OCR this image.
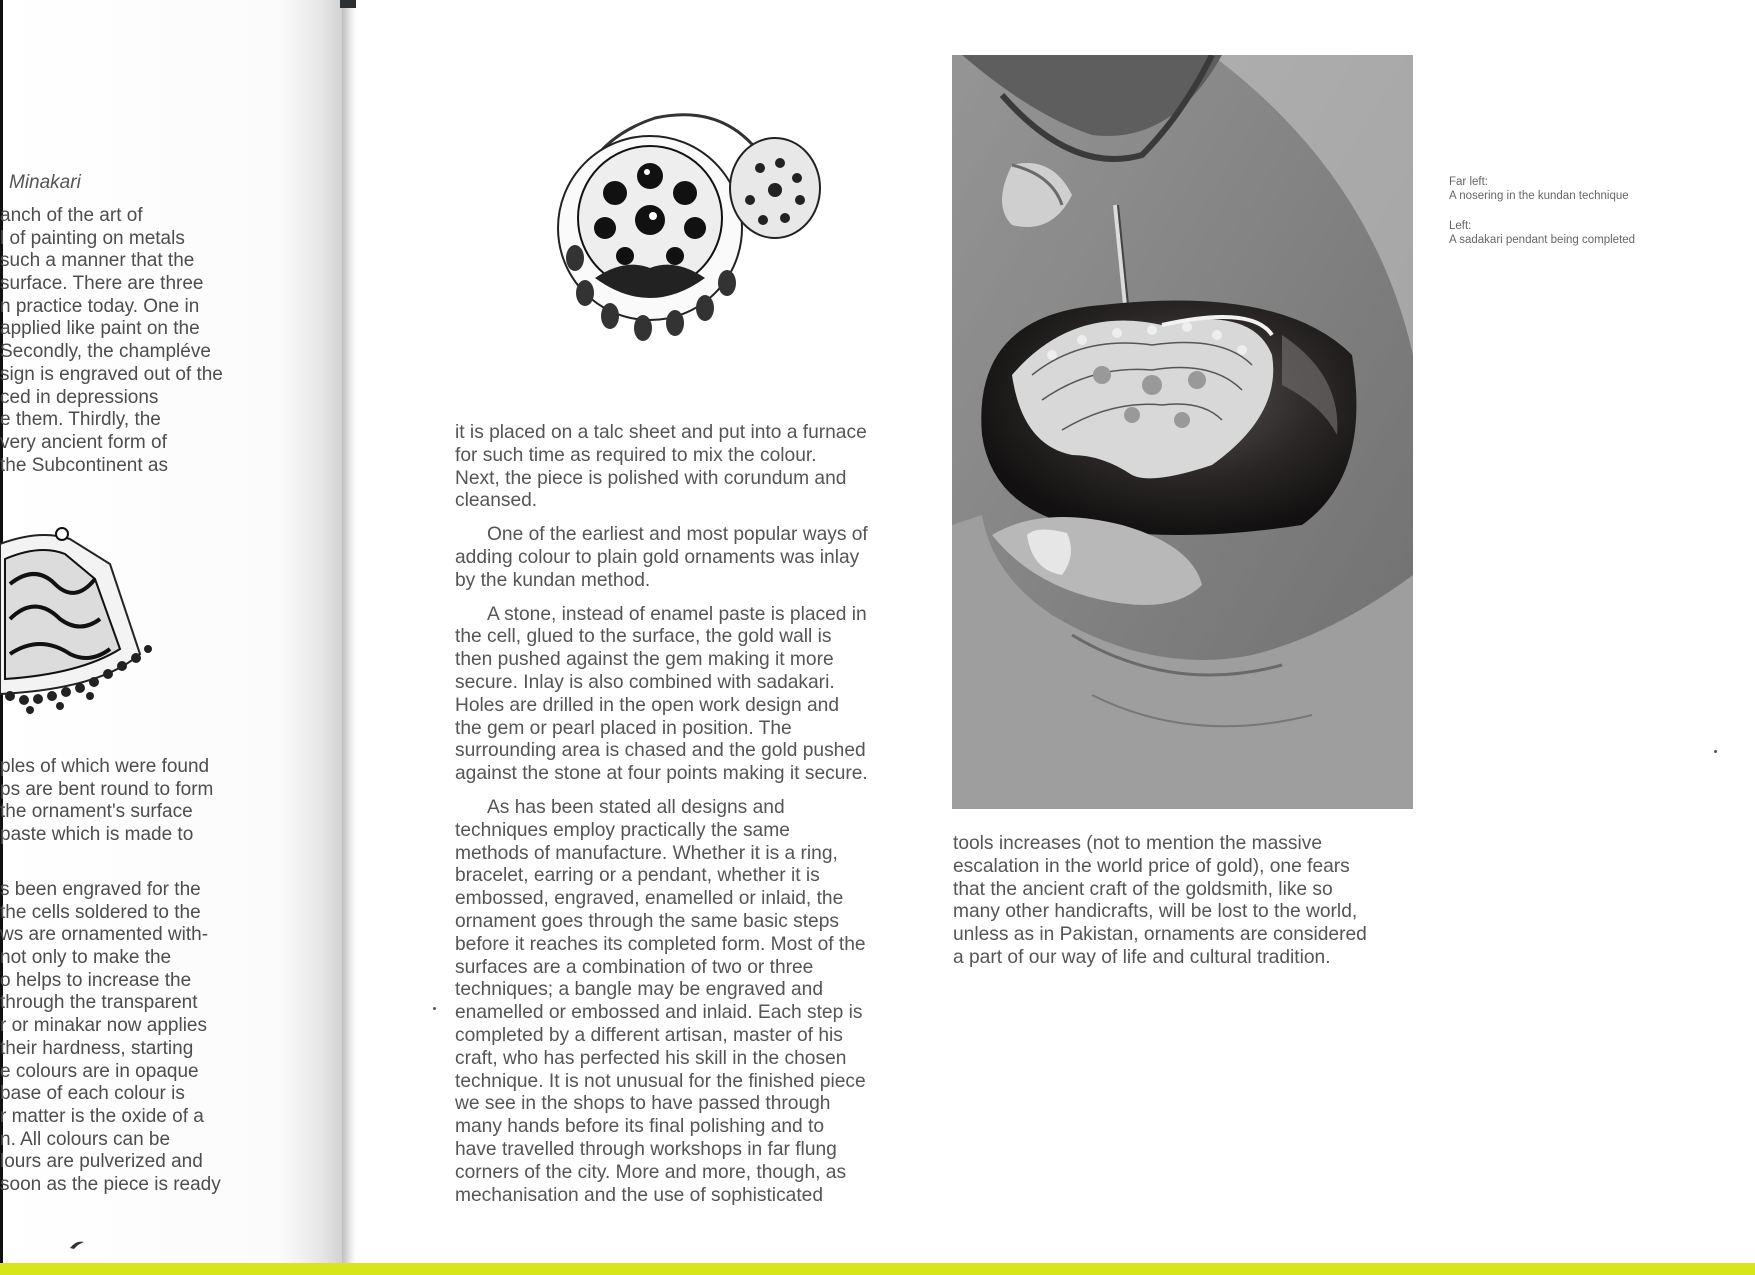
Minakari
anch of the art of
l of painting on metals
such a manner that the
surface. There are three
n practice today. One in
applied like paint on the
Secondly, the champléve
sign is engraved out of the
ced in depressions
e them. Thirdly, the
very ancient form of
the Subcontinent as
ples of which were found
ps are bent round to form
the ornament's surface
paste which is made to
s been engraved for the
the cells soldered to the
ws are ornamented with-
not only to make the
o helps to increase the
through the transparent
r or minakar now applies
their hardness, starting
e colours are in opaque
base of each colour is
r matter is the oxide of a
n. All colours can be
lours are pulverized and
soon as the piece is ready
it is placed on a talc sheet and put into a furnace
for such time as required to mix the colour.
Next, the piece is polished with corundum and
cleansed.
One of the earliest and most popular ways of
adding colour to plain gold ornaments was inlay
by the kundan method.
A stone, instead of enamel paste is placed in
the cell, glued to the surface, the gold wall is
then pushed against the gem making it more
secure. Inlay is also combined with sadakari.
Holes are drilled in the open work design and
the gem or pearl placed in position. The
surrounding area is chased and the gold pushed
against the stone at four points making it secure.
As has been stated all designs and
techniques employ practically the same
methods of manufacture. Whether it is a ring,
bracelet, earring or a pendant, whether it is
embossed, engraved, enamelled or inlaid, the
ornament goes through the same basic steps
before it reaches its completed form. Most of the
surfaces are a combination of two or three
techniques; a bangle may be engraved and
enamelled or embossed and inlaid. Each step is
completed by a different artisan, master of his
craft, who has perfected his skill in the chosen
technique. It is not unusual for the finished piece
we see in the shops to have passed through
many hands before its final polishing and to
have travelled through workshops in far flung
corners of the city. More and more, though, as
mechanisation and the use of sophisticated
tools increases (not to mention the massive
escalation in the world price of gold), one fears
that the ancient craft of the goldsmith, like so
many other handicrafts, will be lost to the world,
unless as in Pakistan, ornaments are considered
a part of our way of life and cultural tradition.
Far left:
A nosering in the kundan technique
Left:
A sadakari pendant being completed
